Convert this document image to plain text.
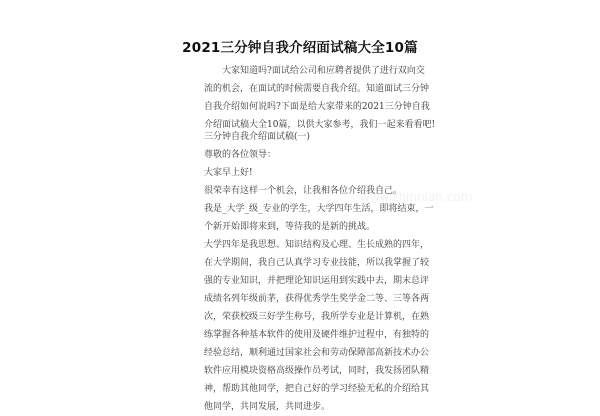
2021三分钟自我介绍面试稿大全10篇
大家知道吗?面试给公司和应聘者提供了进行双向交
流的机会，在面试的时候需要自我介绍。知道面试三分钟
自我介绍如何说吗?下面是给大家带来的2021三分钟自我
介绍面试稿大全10篇，以供大家参考，我们一起来看看吧!
三分钟自我介绍面试稿(一)
尊敬的各位领导：
大家早上好!
很荣幸有这样一个机会，让我相各位介绍我自己。
我是_大学_级_专业的学生，大学四年生活，即将结束，一
个新开始即将来到，等待我的是新的挑战。
大学四年是我思想、知识结构及心理、生长成熟的四年，
在大学期间，我自己认真学习专业技能，所以我掌握了较
强的专业知识，并把理论知识运用到实践中去，期末总评
成绩名列年级前茅，获得优秀学生奖学金二等、三等各两
次，荣获校级三好学生称号，我所学专业是计算机，在熟
练掌握各种基本软件的使用及硬件维护过程中，有独特的
经验总结，顺利通过国家社会和劳动保障部高新技术办公
软件应用模块资格高级操作员考试，同时，我发扬团队精
神，帮助其他同学，把自己好的学习经验无私的介绍给其
他同学，共同发展，共同进步。
www.zhinnian.com
